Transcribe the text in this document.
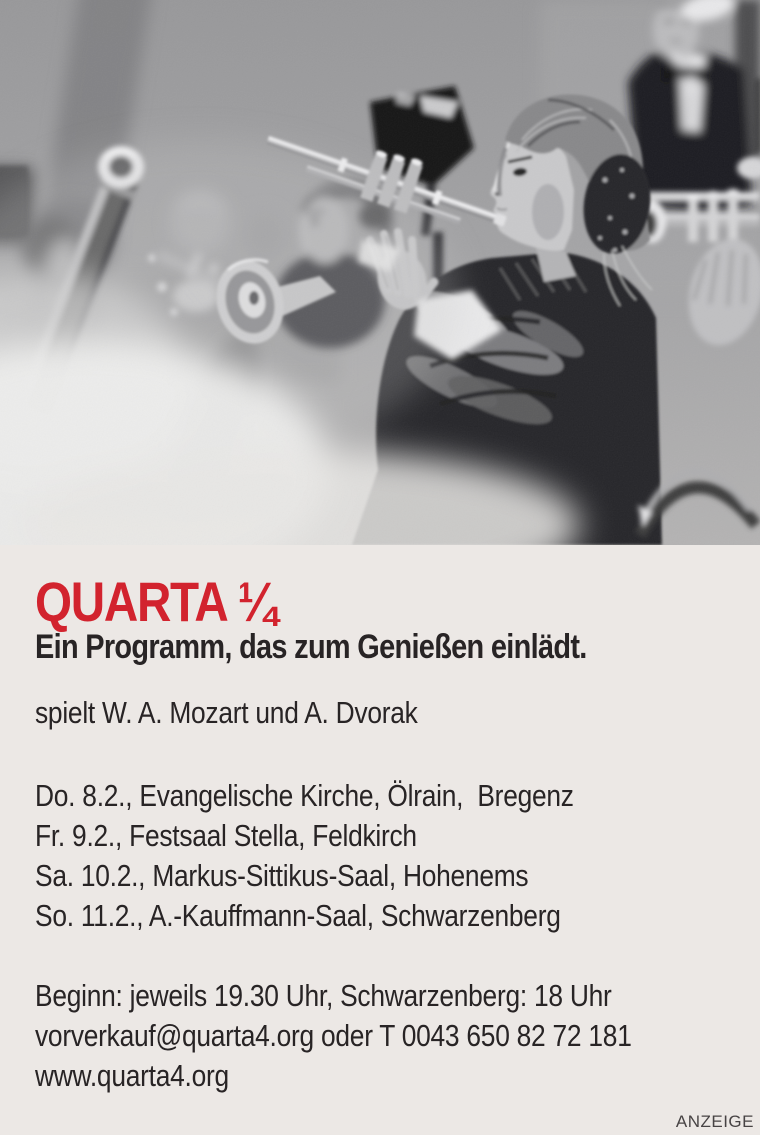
QUARTA ¼
Ein Programm, das zum Genießen einlädt.

spielt W. A. Mozart und A. Dvorak

Do. 8.2., Evangelische Kirche, Ölrain,  Bregenz
Fr. 9.2., Festsaal Stella, Feldkirch
Sa. 10.2., Markus-Sittikus-Saal, Hohenems
So. 11.2., A.-Kauffmann-Saal, Schwarzenberg
Beginn: jeweils 19.30 Uhr, Schwarzenberg: 18 Uhr
vorverkauf@quarta4.org oder T 0043 650 82 72 181
www.quarta4.org
ANZEIGE
